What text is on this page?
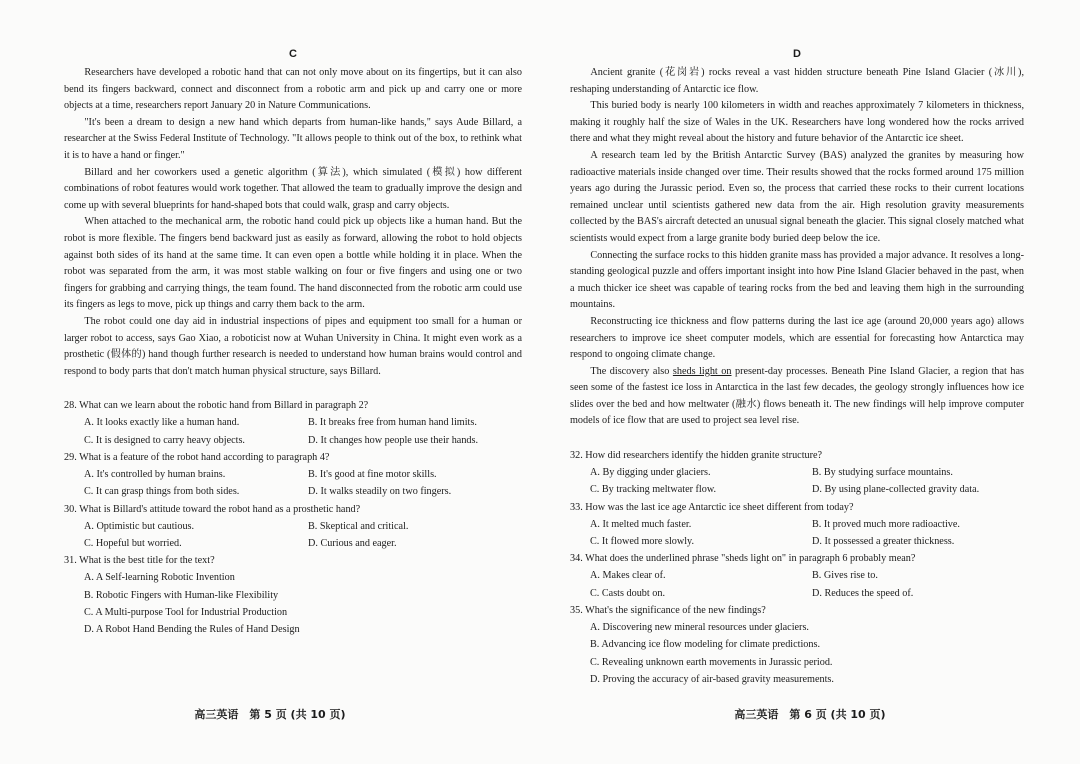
C

Researchers have developed a robotic hand that can not only move about on its fingertips, but it can also bend its fingers backward, connect and disconnect from a robotic arm and pick up and carry one or more objects at a time, researchers report January 20 in Nature Communications.

"It's been a dream to design a new hand which departs from human-like hands," says Aude Billard, a researcher at the Swiss Federal Institute of Technology. "It allows people to think out of the box, to rethink what it is to have a hand or finger."

Billard and her coworkers used a genetic algorithm (算法), which simulated (模拟) how different combinations of robot features would work together. That allowed the team to gradually improve the design and come up with several blueprints for hand-shaped bots that could walk, grasp and carry objects.

When attached to the mechanical arm, the robotic hand could pick up objects like a human hand. But the robot is more flexible. The fingers bend backward just as easily as forward, allowing the robot to hold objects against both sides of its hand at the same time. It can even open a bottle while holding it in place. When the robot was separated from the arm, it was most stable walking on four or five fingers and using one or two fingers for grabbing and carrying things, the team found. The hand disconnected from the robotic arm could use its fingers as legs to move, pick up things and carry them back to the arm.

The robot could one day aid in industrial inspections of pipes and equipment too small for a human or larger robot to access, says Gao Xiao, a roboticist now at Wuhan University in China. It might even work as a prosthetic (假体的) hand though further research is needed to understand how human brains would control and respond to body parts that don't match human physical structure, says Billard.

28. What can we learn about the robotic hand from Billard in paragraph 2?

A. It looks exactly like a human hand.	B. It breaks free from human hand limits.
C. It is designed to carry heavy objects.	D. It changes how people use their hands.

29. What is a feature of the robot hand according to paragraph 4?

A. It's controlled by human brains.	B. It's good at fine motor skills.
C. It can grasp things from both sides.	D. It walks steadily on two fingers.

30. What is Billard's attitude toward the robot hand as a prosthetic hand?

A. Optimistic but cautious.	B. Skeptical and critical.
C. Hopeful but worried.	D. Curious and eager.

31. What is the best title for the text?

A. A Self-learning Robotic Invention
B. Robotic Fingers with Human-like Flexibility
C. A Multi-purpose Tool for Industrial Production
D. A Robot Hand Bending the Rules of Hand Design
高三英语　第 5 页 (共 10 页)
D

Ancient granite (花岗岩) rocks reveal a vast hidden structure beneath Pine Island Glacier (冰川), reshaping understanding of Antarctic ice flow.

This buried body is nearly 100 kilometers in width and reaches approximately 7 kilometers in thickness, making it roughly half the size of Wales in the UK. Researchers have long wondered how the rocks arrived there and what they might reveal about the history and future behavior of the Antarctic ice sheet.

A research team led by the British Antarctic Survey (BAS) analyzed the granites by measuring how radioactive materials inside changed over time. Their results showed that the rocks formed around 175 million years ago during the Jurassic period. Even so, the process that carried these rocks to their current locations remained unclear until scientists gathered new data from the air. High resolution gravity measurements collected by the BAS's aircraft detected an unusual signal beneath the glacier. This signal closely matched what scientists would expect from a large granite body buried deep below the ice.

Connecting the surface rocks to this hidden granite mass has provided a major advance. It resolves a long-standing geological puzzle and offers important insight into how Pine Island Glacier behaved in the past, when a much thicker ice sheet was capable of tearing rocks from the bed and leaving them high in the surrounding mountains.

Reconstructing ice thickness and flow patterns during the last ice age (around 20,000 years ago) allows researchers to improve ice sheet computer models, which are essential for forecasting how Antarctica may respond to ongoing climate change.

The discovery also sheds light on present-day processes. Beneath Pine Island Glacier, a region that has seen some of the fastest ice loss in Antarctica in the last few decades, the geology strongly influences how ice slides over the bed and how meltwater (融水) flows beneath it. The new findings will help improve computer models of ice flow that are used to project sea level rise.

32. How did researchers identify the hidden granite structure?

A. By digging under glaciers.	B. By studying surface mountains.
C. By tracking meltwater flow.	D. By using plane-collected gravity data.

33. How was the last ice age Antarctic ice sheet different from today?

A. It melted much faster.	B. It proved much more radioactive.
C. It flowed more slowly.	D. It possessed a greater thickness.

34. What does the underlined phrase "sheds light on" in paragraph 6 probably mean?

A. Makes clear of.	B. Gives rise to.
C. Casts doubt on.	D. Reduces the speed of.

35. What's the significance of the new findings?

A. Discovering new mineral resources under glaciers.
B. Advancing ice flow modeling for climate predictions.
C. Revealing unknown earth movements in Jurassic period.
D. Proving the accuracy of air-based gravity measurements.
高三英语　第 6 页 (共 10 页)
